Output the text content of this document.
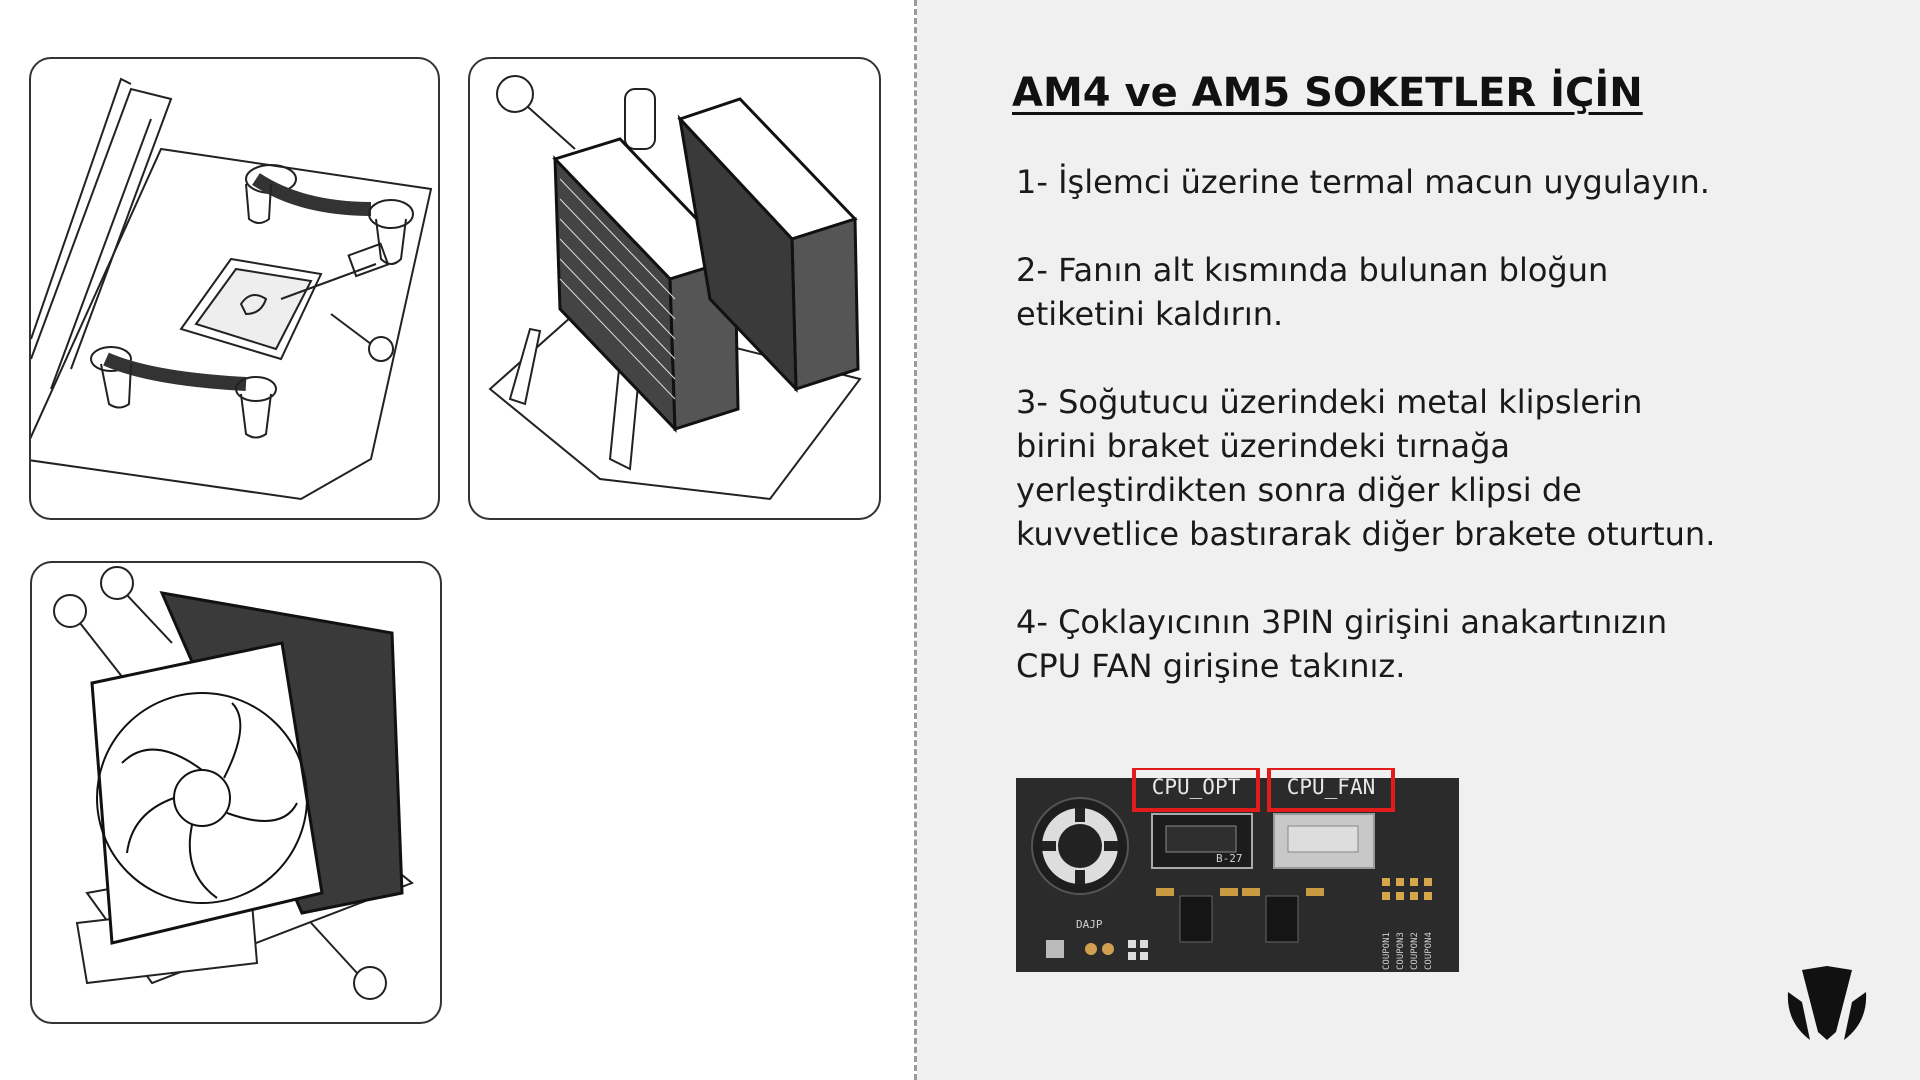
AM4 ve AM5 SOKETLER İÇİN

1- İşlemci üzerine termal macun uygulayın.

2- Fanın alt kısmında bulunan bloğun
etiketini kaldırın.

3- Soğutucu üzerindeki metal klipslerin
birini braket üzerindeki tırnağa
yerleştirdikten sonra diğer klipsi de
kuvvetlice bastırarak diğer brakete oturtun.

4- Çoklayıcının 3PIN girişini anakartınızın
CPU FAN girişine takınız.

CPU_OPT	CPU_FAN
DAJP
B-27
COUPON1 COUPON3 COUPON2 COUPON4
